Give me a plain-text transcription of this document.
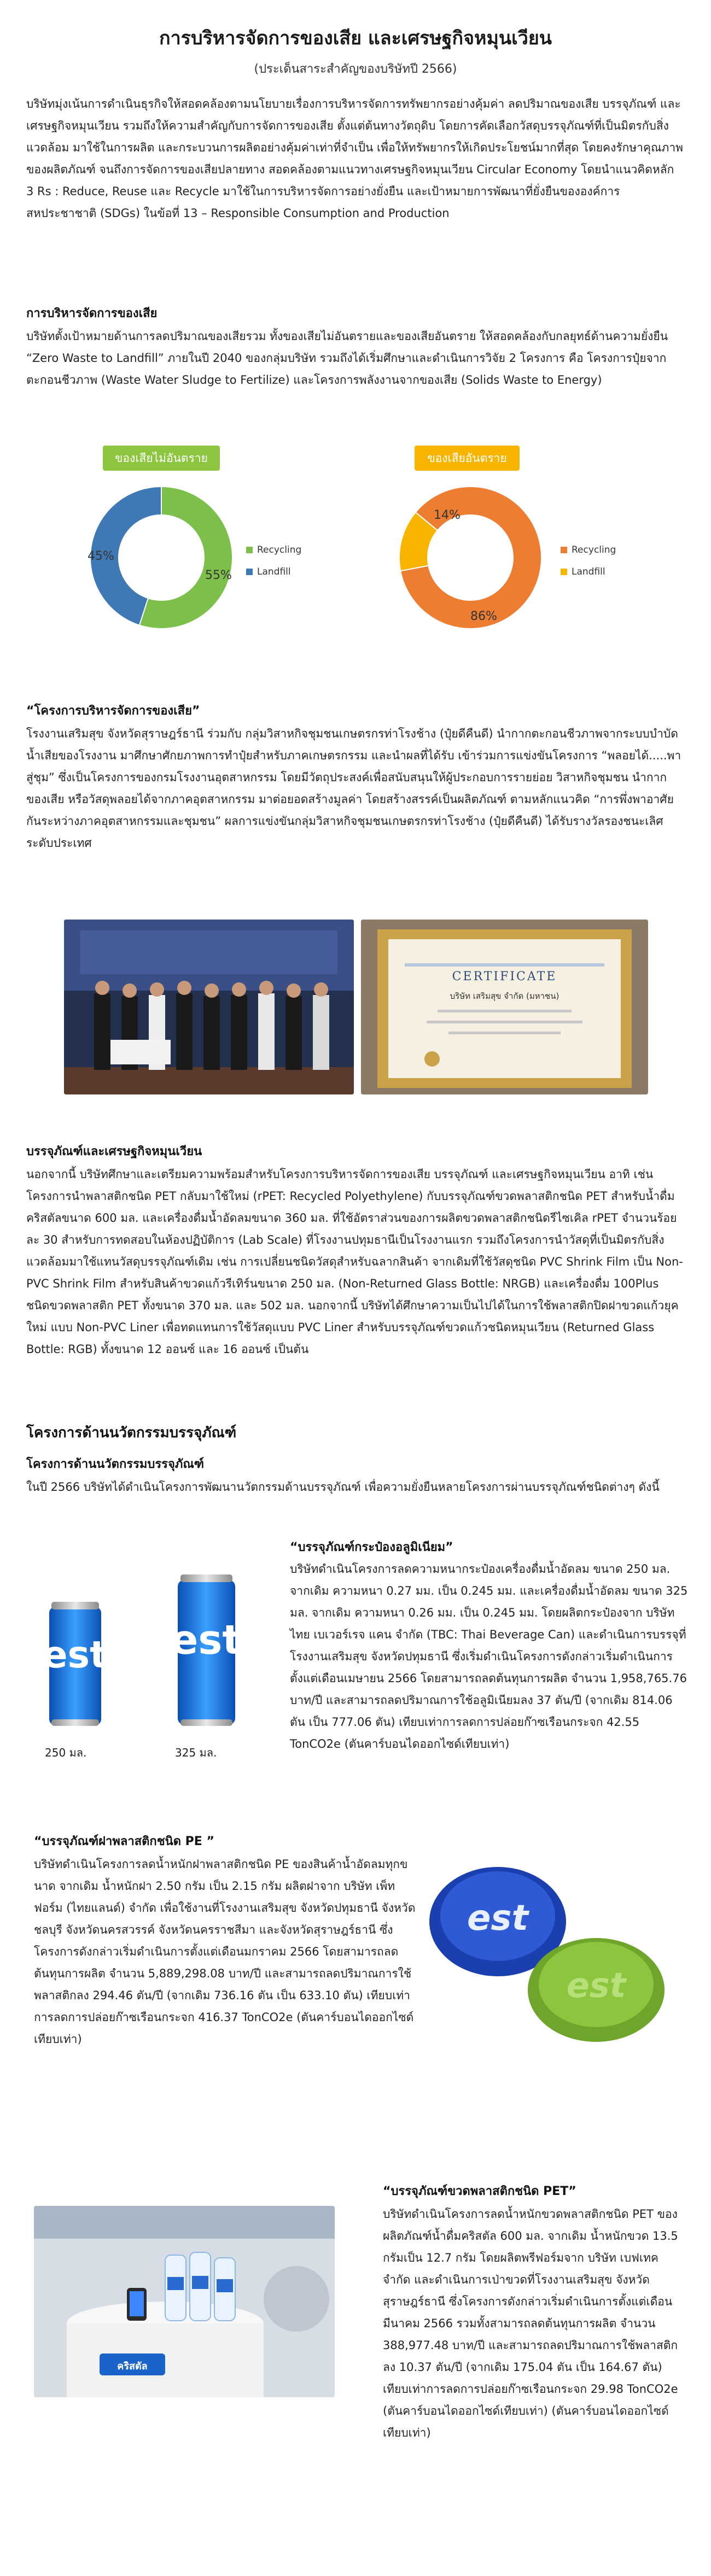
การบริหารจัดการของเสีย และเศรษฐกิจหมุนเวียน
(ประเด็นสาระสำคัญของบริษัทปี 2566)
บริษัทมุ่งเน้นการดำเนินธุรกิจให้สอดคล้องตามนโยบายเรื่องการบริหารจัดการทรัพยากรอย่างคุ้มค่า ลดปริมาณของเสีย บรรจุภัณฑ์ และเศรษฐกิจหมุนเวียน รวมถึงให้ความสำคัญกับการจัดการของเสีย ตั้งแต่ต้นทางวัตถุดิบ โดยการคัดเลือกวัสดุบรรจุภัณฑ์ที่เป็นมิตรกับสิ่งแวดล้อม มาใช้ในการผลิต และกระบวนการผลิตอย่างคุ้มค่าเท่าที่จำเป็น เพื่อให้ทรัพยากรให้เกิดประโยชน์มากที่สุด โดยคงรักษาคุณภาพของผลิตภัณฑ์ จนถึงการจัดการของเสียปลายทาง สอดคล้องตามแนวทางเศรษฐกิจหมุนเวียน Circular Economy โดยนำแนวคิดหลัก 3 Rs : Reduce, Reuse และ Recycle มาใช้ในการบริหารจัดการอย่างยั่งยืน และเป้าหมายการพัฒนาที่ยั่งยืนขององค์การสหประชาชาติ (SDGs) ในข้อที่ 13 – Responsible Consumption and Production
การบริหารจัดการของเสีย
บริษัทตั้งเป้าหมายด้านการลดปริมาณของเสียรวม ทั้งของเสียไม่อันตรายและของเสียอันตราย ให้สอดคล้องกับกลยุทธ์ด้านความยั่งยืน “Zero Waste to Landfill” ภายในปี 2040 ของกลุ่มบริษัท รวมถึงได้เริ่มศึกษาและดำเนินการวิจัย 2 โครงการ คือ โครงการปุ๋ยจากตะกอนชีวภาพ (Waste Water Sludge to Fertilize) และโครงการพลังงานจากของเสีย (Solids Waste to Energy)
ของเสียไม่อันตราย
55%
45%	Recycling
Landfill
ของเสียอันตราย
86%
14%
Recycling
Landfill
“โครงการบริหารจัดการของเสีย”
โรงงานเสริมสุข จังหวัดสุราษฎร์ธานี ร่วมกับ กลุ่มวิสาหกิจชุมชนเกษตรกรท่าโรงช้าง (ปุ๋ยดีคืนดี) นำกากตะกอนชีวภาพจากระบบบำบัดน้ำเสียของโรงงาน มาศึกษาศักยภาพการทำปุ๋ยสำหรับภาคเกษตรกรรม และนำผลที่ได้รับ เข้าร่วมการแข่งขันโครงการ “พลอยได้.....พาสู่ชุม” ซึ่งเป็นโครงการของกรมโรงงานอุตสาหกรรม โดยมีวัตถุประสงค์เพื่อสนับสนุนให้ผู้ประกอบการรายย่อย วิสาหกิจชุมชน นำกากของเสีย หรือวัสดุพลอยได้จากภาคอุตสาหกรรม มาต่อยอดสร้างมูลค่า โดยสร้างสรรค์เป็นผลิตภัณฑ์ ตามหลักแนวคิด “การพึ่งพาอาศัยกันระหว่างภาคอุตสาหกรรมและชุมชน” ผลการแข่งขันกลุ่มวิสาหกิจชุมชนเกษตรกรท่าโรงช้าง (ปุ๋ยดีคืนดี) ได้รับรางวัลรองชนะเลิศระดับประเทศ
CERTIFICATE
บริษัท เสริมสุข จำกัด (มหาชน)
บรรจุภัณฑ์และเศรษฐกิจหมุนเวียน
นอกจากนี้ บริษัทศึกษาและเตรียมความพร้อมสำหรับโครงการบริหารจัดการของเสีย บรรจุภัณฑ์ และเศรษฐกิจหมุนเวียน อาทิ เช่น โครงการนำพลาสติกชนิด PET กลับมาใช้ใหม่ (rPET: Recycled Polyethylene) กับบรรจุภัณฑ์ขวดพลาสติกชนิด PET สำหรับน้ำดื่มคริสตัลขนาด 600 มล. และเครื่องดื่มน้ำอัดลมขนาด 360 มล. ที่ใช้อัตราส่วนของการผลิตขวดพลาสติกชนิดรีไซเคิล rPET จำนวนร้อยละ 30 สำหรับการทดสอบในห้องปฏิบัติการ (Lab Scale) ที่โรงงานปทุมธานีเป็นโรงงานแรก รวมถึงโครงการนำวัสดุที่เป็นมิตรกับสิ่งแวดล้อมมาใช้แทนวัสดุบรรจุภัณฑ์เดิม เช่น การเปลี่ยนชนิดวัสดุสำหรับฉลากสินค้า จากเดิมที่ใช้วัสดุชนิด PVC Shrink Film เป็น Non-PVC Shrink Film สำหรับสินค้าขวดแก้วรีเทิร์นขนาด 250 มล. (Non-Returned Glass Bottle: NRGB) และเครื่องดื่ม 100Plus ชนิดขวดพลาสติก PET ทั้งขนาด 370 มล. และ 502 มล. นอกจากนี้ บริษัทได้ศึกษาความเป็นไปได้ในการใช้พลาสติกปิดฝาขวดแก้วยุคใหม่ แบบ Non-PVC Liner เพื่อทดแทนการใช้วัสดุแบบ PVC Liner สำหรับบรรจุภัณฑ์ขวดแก้วชนิดหมุนเวียน (Returned Glass Bottle: RGB) ทั้งขนาด 12 ออนซ์ และ 16 ออนซ์ เป็นต้น
โครงการด้านนวัตกรรมบรรจุภัณฑ์
โครงการด้านนวัตกรรมบรรจุภัณฑ์
ในปี 2566 บริษัทได้ดำเนินโครงการพัฒนานวัตกรรมด้านบรรจุภัณฑ์ เพื่อความยั่งยืนหลายโครงการผ่านบรรจุภัณฑ์ชนิดต่างๆ ดังนี้
est est
250 มล.	325 มล.
“บรรจุภัณฑ์กระป๋องอลูมิเนียม”
บริษัทดำเนินโครงการลดความหนากระป๋องเครื่องดื่มน้ำอัดลม ขนาด 250 มล. จากเดิม ความหนา 0.27 มม. เป็น 0.245 มม. และเครื่องดื่มน้ำอัดลม ขนาด 325 มล. จากเดิม ความหนา 0.26 มม. เป็น 0.245 มม. โดยผลิตกระป๋องจาก บริษัท ไทย เบเวอร์เรจ แคน จำกัด (TBC: Thai Beverage Can) และดำเนินการบรรจุที่โรงงานเสริมสุข จังหวัดปทุมธานี ซึ่งเริ่มดำเนินโครงการดังกล่าวเริ่มดำเนินการตั้งแต่เดือนเมษายน 2566 โดยสามารถลดต้นทุนการผลิต จำนวน 1,958,765.76 บาท/ปี และสามารถลดปริมาณการใช้อลูมิเนียมลง 37 ตัน/ปี (จากเดิม 814.06 ตัน เป็น 777.06 ตัน) เทียบเท่าการลดการปล่อยก๊าซเรือนกระจก 42.55 TonCO2e (ตันคาร์บอนไดออกไซด์เทียบเท่า)
“บรรจุภัณฑ์ฝาพลาสติกชนิด PE ”
บริษัทดำเนินโครงการลดน้ำหนักฝาพลาสติกชนิด PE ของสินค้าน้ำอัดลมทุกขนาด จากเดิม น้ำหนักฝา 2.50 กรัม เป็น 2.15 กรัม ผลิตฝาจาก บริษัท เพ็ทฟอร์ม (ไทยแลนด์) จำกัด เพื่อใช้งานที่โรงงานเสริมสุข จังหวัดปทุมธานี จังหวัดชลบุรี จังหวัดนครสวรรค์ จังหวัดนครราชสีมา และจังหวัดสุราษฎร์ธานี ซึ่งโครงการดังกล่าวเริ่มดำเนินการตั้งแต่เดือนมกราคม 2566 โดยสามารถลดต้นทุนการผลิต จำนวน 5,889,298.08 บาท/ปี และสามารถลดปริมาณการใช้พลาสติกลง 294.46 ตัน/ปี (จากเดิม 736.16 ตัน เป็น 633.10 ตัน) เทียบเท่าการลดการปล่อยก๊าซเรือนกระจก 416.37 TonCO2e (ตันคาร์บอนไดออกไซด์เทียบเท่า)
est
est
คริสตัล
“บรรจุภัณฑ์ขวดพลาสติกชนิด PET”
บริษัทดำเนินโครงการลดน้ำหนักขวดพลาสติกชนิด PET ของผลิตภัณฑ์น้ำดื่มคริสตัล 600 มล. จากเดิม น้ำหนักขวด 13.5 กรัมเป็น 12.7 กรัม โดยผลิตพรีฟอร์มจาก บริษัท เบฟเทค จำกัด และดำเนินการเป่าขวดที่โรงงานเสริมสุข จังหวัดสุราษฎร์ธานี ซึ่งโครงการดังกล่าวเริ่มดำเนินการตั้งแต่เดือนมีนาคม 2566 รวมทั้งสามารถลดต้นทุนการผลิต จำนวน 388,977.48 บาท/ปี และสามารถลดปริมาณการใช้พลาสติกลง 10.37 ตัน/ปี (จากเดิม 175.04 ตัน เป็น 164.67 ตัน) เทียบเท่าการลดการปล่อยก๊าซเรือนกระจก 29.98 TonCO2e (ตันคาร์บอนไดออกไซด์เทียบเท่า) (ตันคาร์บอนไดออกไซด์เทียบเท่า)
